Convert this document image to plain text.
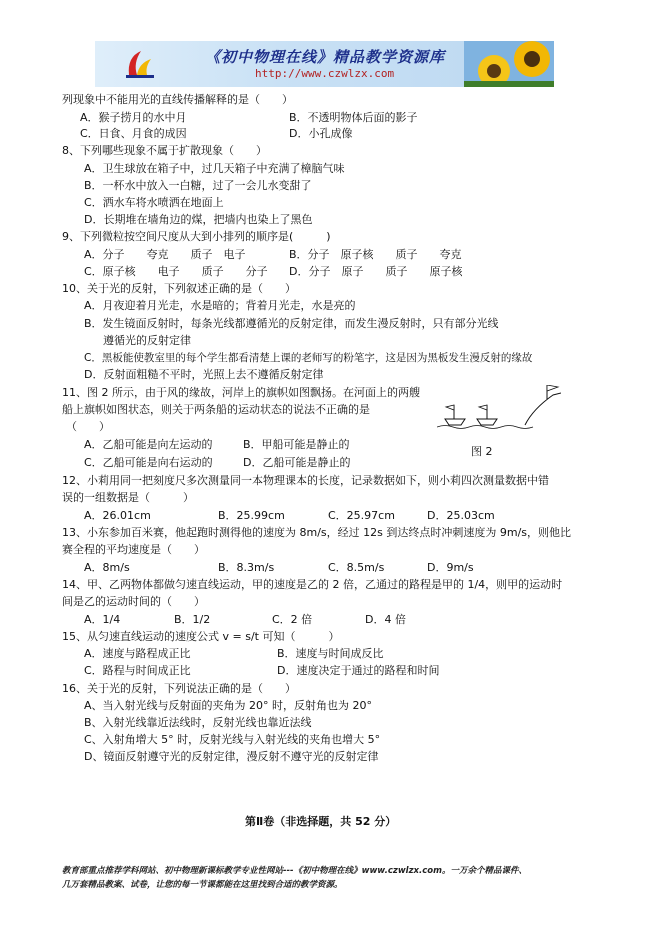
《初中物理在线》精品教学资源库
http://www.czwlzx.com
列现象中不能用光的直线传播解释的是（　　）
A．猴子捞月的水中月	B．不透明物体后面的影子
C．日食、月食的成因	D．小孔成像
8、下列哪些现象不属于扩散现象（　　）
A．卫生球放在箱子中，过几天箱子中充满了樟脑气味
B．一杯水中放入一白糖，过了一会儿水变甜了
C．洒水车将水喷洒在地面上
D．长期堆在墙角边的煤，把墙内也染上了黑色
9、下列微粒按空间尺度从大到小排列的顺序是(　　　)
A．分子　　夸克　　质子　电子	B．分子　原子核　　质子　　夸克
C．原子核　　电子　　质子　　分子 D．分子　原子　　质子　　原子核
10、关于光的反射，下列叙述正确的是（　　）
A．月夜迎着月光走，水是暗的；背着月光走，水是亮的
B．发生镜面反射时，每条光线都遵循光的反射定律，而发生漫反射时，只有部分光线
遵循光的反射定律
C．黑板能使教室里的每个学生都看清楚上课的老师写的粉笔字，这是因为黑板发生漫反射的缘故
D．反射面粗糙不平时，光照上去不遵循反射定律
11、图 2 所示，由于风的缘故，河岸上的旗帜如图飘扬。在河面上的两艘
船上旗帜如图状态，则关于两条船的运动状态的说法不正确的是
（　　）
A．乙船可能是向左运动的	B．甲船可能是静止的
C．乙船可能是向右运动的	D．乙船可能是静止的
图 2
12、小莉用同一把刻度尺多次测量同一本物理课本的长度，记录数据如下，则小莉四次测量数据中错
误的一组数据是（　　　）
A．26.01cm	B．25.99cm	C．25.97cm	D．25.03cm
13、小东参加百米赛，他起跑时测得他的速度为 8m/s，经过 12s 到达终点时冲刺速度为 9m/s，则他比
赛全程的平均速度是（　　）
A．8m/s	B．8.3m/s	C．8.5m/s	D．9m/s
14、甲、乙两物体都做匀速直线运动，甲的速度是乙的 2 倍，乙通过的路程是甲的 1/4，则甲的运动时
间是乙的运动时间的（　　）
A．1/4	B．1/2	C．2 倍	D．4 倍
15、从匀速直线运动的速度公式 v = s/t 可知（　　　）
A．速度与路程成正比	B．速度与时间成反比
C．路程与时间成正比	D．速度决定于通过的路程和时间
16、关于光的反射，下列说法正确的是（　　）
A、当入射光线与反射面的夹角为 20° 时，反射角也为 20°
B、入射光线靠近法线时，反射光线也靠近法线
C、入射角增大 5° 时，反射光线与入射光线的夹角也增大 5°
D、镜面反射遵守光的反射定律，漫反射不遵守光的反射定律
第Ⅱ卷（非选择题，共 52 分）
教育部重点推荐学科网站、初中物理新课标教学专业性网站---《初中物理在线》www.czwlzx.com。一万余个精品课件、
几万套精品教案、试卷，让您的每一节课都能在这里找到合适的教学资源。
